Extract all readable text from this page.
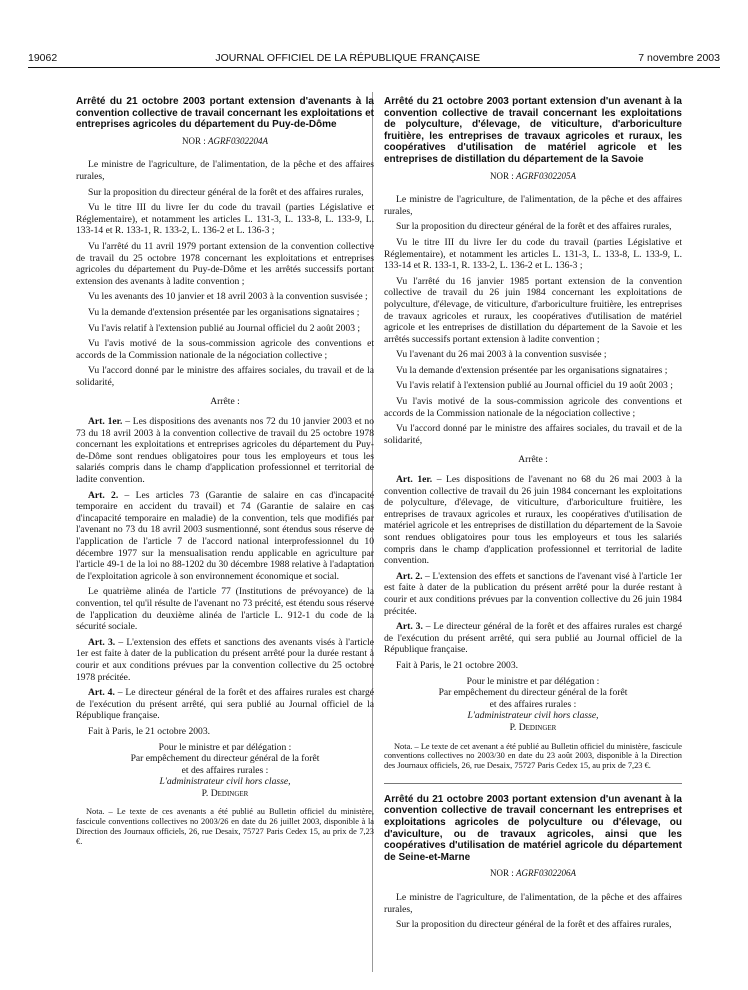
19062	JOURNAL OFFICIEL DE LA RÉPUBLIQUE FRANÇAISE	7 novembre 2003
Arrêté du 21 octobre 2003 portant extension d'avenants à la convention collective de travail concernant les exploitations et entreprises agricoles du département du Puy-de-Dôme
NOR : AGRF0302204A

Le ministre de l'agriculture, de l'alimentation, de la pêche et des affaires rurales,

Sur la proposition du directeur général de la forêt et des affaires rurales,

Vu le titre III du livre Ier du code du travail (parties Législative et Réglementaire), et notamment les articles L. 131-3, L. 133-8, L. 133-9, L. 133-14 et R. 133-1, R. 133-2, L. 136-2 et L. 136-3 ;

Vu l'arrêté du 11 avril 1979 portant extension de la convention collective de travail du 25 octobre 1978 concernant les exploitations et entreprises agricoles du département du Puy-de-Dôme et les arrêtés successifs portant extension des avenants à ladite convention ;

Vu les avenants des 10 janvier et 18 avril 2003 à la convention susvisée ;

Vu la demande d'extension présentée par les organisations signataires ;

Vu l'avis relatif à l'extension publié au Journal officiel du 2 août 2003 ;

Vu l'avis motivé de la sous-commission agricole des conventions et accords de la Commission nationale de la négociation collective ;

Vu l'accord donné par le ministre des affaires sociales, du travail et de la solidarité,

Arrête :

Art. 1er. – Les dispositions des avenants nos 72 du 10 janvier 2003 et no 73 du 18 avril 2003 à la convention collective de travail du 25 octobre 1978 concernant les exploitations et entreprises agricoles du département du Puy-de-Dôme sont rendues obligatoires pour tous les employeurs et tous les salariés compris dans le champ d'application professionnel et territorial de ladite convention.

Art. 2. – Les articles 73 (Garantie de salaire en cas d'incapacité temporaire en accident du travail) et 74 (Garantie de salaire en cas d'incapacité temporaire en maladie) de la convention, tels que modifiés par l'avenant no 73 du 18 avril 2003 susmentionné, sont étendus sous réserve de l'application de l'article 7 de l'accord national interprofessionnel du 10 décembre 1977 sur la mensualisation rendu applicable en agriculture par l'article 49-1 de la loi no 88-1202 du 30 décembre 1988 relative à l'adaptation de l'exploitation agricole à son environnement économique et social.

Le quatrième alinéa de l'article 77 (Institutions de prévoyance) de la convention, tel qu'il résulte de l'avenant no 73 précité, est étendu sous réserve de l'application du deuxième alinéa de l'article L. 912-1 du code de la sécurité sociale.

Art. 3. – L'extension des effets et sanctions des avenants visés à l'article 1er est faite à dater de la publication du présent arrêté pour la durée restant à courir et aux conditions prévues par la convention collective du 25 octobre 1978 précitée.

Art. 4. – Le directeur général de la forêt et des affaires rurales est chargé de l'exécution du présent arrêté, qui sera publié au Journal officiel de la République française.

Fait à Paris, le 21 octobre 2003.

Pour le ministre et par délégation :

Par empêchement du directeur général de la forêt

et des affaires rurales :

L'administrateur civil hors classe,

P. Dedinger

Nota. – Le texte de ces avenants a été publié au Bulletin officiel du ministère, fascicule conventions collectives no 2003/26 en date du 26 juillet 2003, disponible à la Direction des Journaux officiels, 26, rue Desaix, 75727 Paris Cedex 15, au prix de 7,23 €.

Arrêté du 21 octobre 2003 portant extension d'un avenant à la convention collective de travail concernant les exploitations de polyculture, d'élevage, de viticulture, d'arboriculture fruitière, les entreprises de travaux agricoles et ruraux, les coopératives d'utilisation de matériel agricole et les entreprises de distillation du département de la Savoie
NOR : AGRF0302205A

Le ministre de l'agriculture, de l'alimentation, de la pêche et des affaires rurales,

Sur la proposition du directeur général de la forêt et des affaires rurales,

Vu le titre III du livre Ier du code du travail (parties Législative et Réglementaire), et notamment les articles L. 131-3, L. 133-8, L. 133-9, L. 133-14 et R. 133-1, R. 133-2, L. 136-2 et L. 136-3 ;

Vu l'arrêté du 16 janvier 1985 portant extension de la convention collective de travail du 26 juin 1984 concernant les exploitations de polyculture, d'élevage, de viticulture, d'arboriculture fruitière, les entreprises de travaux agricoles et ruraux, les coopératives d'utilisation de matériel agricole et les entreprises de distillation du département de la Savoie et les arrêtés successifs portant extension à ladite convention ;

Vu l'avenant du 26 mai 2003 à la convention susvisée ;

Vu la demande d'extension présentée par les organisations signataires ;

Vu l'avis relatif à l'extension publié au Journal officiel du 19 août 2003 ;

Vu l'avis motivé de la sous-commission agricole des conventions et accords de la Commission nationale de la négociation collective ;

Vu l'accord donné par le ministre des affaires sociales, du travail et de la solidarité,

Arrête :

Art. 1er. – Les dispositions de l'avenant no 68 du 26 mai 2003 à la convention collective de travail du 26 juin 1984 concernant les exploitations de polyculture, d'élevage, de viticulture, d'arboriculture fruitière, les entreprises de travaux agricoles et ruraux, les coopératives d'utilisation de matériel agricole et les entreprises de distillation du département de la Savoie sont rendues obligatoires pour tous les employeurs et tous les salariés compris dans le champ d'application professionnel et territorial de ladite convention.

Art. 2. – L'extension des effets et sanctions de l'avenant visé à l'article 1er est faite à dater de la publication du présent arrêté pour la durée restant à courir et aux conditions prévues par la convention collective du 26 juin 1984 précitée.

Art. 3. – Le directeur général de la forêt et des affaires rurales est chargé de l'exécution du présent arrêté, qui sera publié au Journal officiel de la République française.

Fait à Paris, le 21 octobre 2003.

Pour le ministre et par délégation :

Par empêchement du directeur général de la forêt

et des affaires rurales :

L'administrateur civil hors classe,

P. Dedinger

Nota. – Le texte de cet avenant a été publié au Bulletin officiel du ministère, fascicule conventions collectives no 2003/30 en date du 23 août 2003, disponible à la Direction des Journaux officiels, 26, rue Desaix, 75727 Paris Cedex 15, au prix de 7,23 €.

Arrêté du 21 octobre 2003 portant extension d'un avenant à la convention collective de travail concernant les entreprises et exploitations agricoles de polyculture ou d'élevage, ou d'aviculture, ou de travaux agricoles, ainsi que les coopératives d'utilisation de matériel agricole du département de Seine-et-Marne
NOR : AGRF0302206A

Le ministre de l'agriculture, de l'alimentation, de la pêche et des affaires rurales,

Sur la proposition du directeur général de la forêt et des affaires rurales,
